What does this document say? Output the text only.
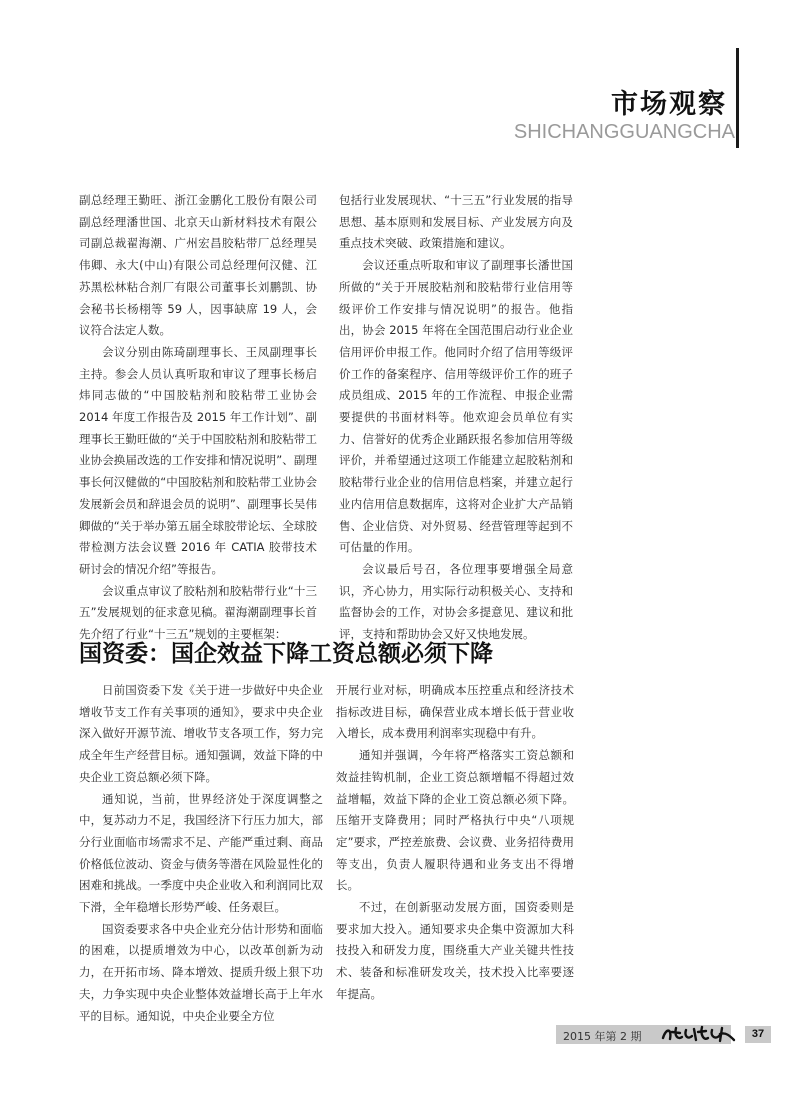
市场观察
SHICHANGGUANGCHA

副总经理王勤旺、浙江金鹏化工股份有限公司副总经理潘世国、北京天山新材料技术有限公司副总裁翟海潮、广州宏昌胶粘带厂总经理吴伟卿、永大(中山)有限公司总经理何汉健、江苏黑松林粘合剂厂有限公司董事长刘鹏凯、协会秘书长杨栩等 59 人，因事缺席 19 人，会议符合法定人数。

会议分别由陈琦副理事长、王凤副理事长主持。参会人员认真听取和审议了理事长杨启炜同志做的“中国胶粘剂和胶粘带工业协会 2014 年度工作报告及 2015 年工作计划”、副理事长王勤旺做的“关于中国胶粘剂和胶粘带工业协会换届改选的工作安排和情况说明”、副理事长何汉健做的“中国胶粘剂和胶粘带工业协会发展新会员和辞退会员的说明”、副理事长吴伟卿做的“关于举办第五届全球胶带论坛、全球胶带检测方法会议暨 2016 年 CATIA 胶带技术研讨会的情况介绍”等报告。

会议重点审议了胶粘剂和胶粘带行业“十三五”发展规划的征求意见稿。翟海潮副理事长首先介绍了行业“十三五”规划的主要框架：

包括行业发展现状、“十三五”行业发展的指导思想、基本原则和发展目标、产业发展方向及重点技术突破、政策措施和建议。

会议还重点听取和审议了副理事长潘世国所做的“关于开展胶粘剂和胶粘带行业信用等级评价工作安排与情况说明”的报告。他指出，协会 2015 年将在全国范围启动行业企业信用评价申报工作。他同时介绍了信用等级评价工作的备案程序、信用等级评价工作的班子成员组成、2015 年的工作流程、申报企业需要提供的书面材料等。他欢迎会员单位有实力、信誉好的优秀企业踊跃报名参加信用等级评价，并希望通过这项工作能建立起胶粘剂和胶粘带行业企业的信用信息档案，并建立起行业内信用信息数据库，这将对企业扩大产品销售、企业信贷、对外贸易、经营管理等起到不可估量的作用。

会议最后号召，各位理事要增强全局意识，齐心协力，用实际行动积极关心、支持和监督协会的工作，对协会多提意见、建议和批评，支持和帮助协会又好又快地发展。

国资委：国企效益下降工资总额必须下降

日前国资委下发《关于进一步做好中央企业增收节支工作有关事项的通知》，要求中央企业深入做好开源节流、增收节支各项工作，努力完成全年生产经营目标。通知强调，效益下降的中央企业工资总额必须下降。

通知说，当前，世界经济处于深度调整之中，复苏动力不足，我国经济下行压力加大，部分行业面临市场需求不足、产能严重过剩、商品价格低位波动、资金与债务等潜在风险显性化的困难和挑战。一季度中央企业收入和利润同比双下滑，全年稳增长形势严峻、任务艰巨。

国资委要求各中央企业充分估计形势和面临的困难，以提质增效为中心，以改革创新为动力，在开拓市场、降本增效、提质升级上狠下功夫，力争实现中央企业整体效益增长高于上年水平的目标。通知说，中央企业要全方位

开展行业对标，明确成本压控重点和经济技术指标改进目标，确保营业成本增长低于营业收入增长，成本费用利润率实现稳中有升。

通知并强调，今年将严格落实工资总额和效益挂钩机制，企业工资总额增幅不得超过效益增幅，效益下降的企业工资总额必须下降。压缩开支降费用；同时严格执行中央“八项规定”要求，严控差旅费、会议费、业务招待费用等支出，负责人履职待遇和业务支出不得增长。

不过，在创新驱动发展方面，国资委则是要求加大投入。通知要求央企集中资源加大科技投入和研发力度，围绕重大产业关键共性技术、装备和标准研发攻关，技术投入比率要逐年提高。

2015 年第 2 期	37
